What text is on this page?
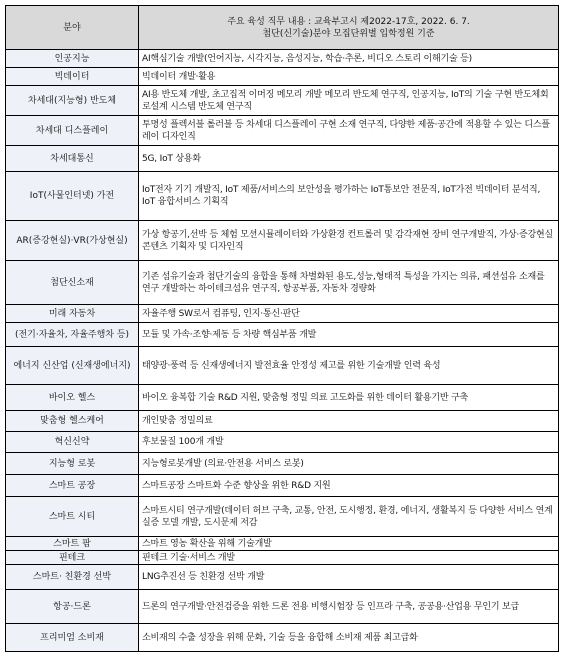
분야	주요 육성 직무 내용 : 교육부고시 제2022-17호, 2022. 6. 7.
첨단(신기술)분야 모집단위별 입학정원 기준

인공지능	AI핵심기술 개발(언어지능, 시각지능, 음성지능, 학습·추론, 비디오 스토리 이해기술 등)
빅데이터	빅데이터 개발·활용
차세대(지능형) 반도체	AI용 반도체 개발, 초고집적 이머징 메모리 개발 메모리 반도체 연구직, 인공지능, IoT의 기술 구현 반도체회로설계 시스템 반도체 연구직
차세대 디스플레이	투명성 플렉서블 롤러블 등 차세대 디스플레이 구현 소재 연구직, 다양한 제품·공간에 적용할 수 있는 디스플레이 디자인직
차세대통신	5G, IoT 상용화
IoT(사물인터넷) 가전	IoT전자 기기 개발직, IoT 제품/서비스의 보안성을 평가하는 IoT통보안 전문직, IoT가전 빅데이터 분석직, IoT 융합서비스 기획직
AR(증강현실)·VR(가상현실)	가상 항공기,선박 등 체험 모션시뮬레이터와 가상환경 컨트롤러 및 감각재현 장비 연구개발직, 가상·증강현실 콘텐츠 기획자 및 디자인직
첨단신소재	기존 섬유기술과 첨단기술의 융합을 통해 차별화된 용도,성능,형태적 특성을 가지는 의류, 패션섬유 소재를 연구 개발하는 하이테크섬유 연구직, 항공부품, 자동차 경량화
미래 자동차	자율주행 SW로서 컴퓨팅, 인지·통신·판단
(전기·자율차, 자율주행차 등)	모듈 및 가속·조향·제동 등 차량 핵심부품 개발
에너지 신산업 (신재생에너지)	태양광·풍력 등 신재생에너지 발전효율 안정성 제고를 위한 기술개발 인력 육성
바이오 헬스	바이오 융복합 기술 R&D 지원, 맞춤형 정밀 의료 고도화를 위한 데이터 활용기반 구축
맞춤형 헬스케어	개인맞춤 정밀의료
혁신신약	후보물질 100개 개발
지능형 로봇	지능형로봇개발 (의료·안전용 서비스 로봇)
스마트 공장	스마트공장 스마트화 수준 향상을 위한 R&D 지원
스마트 시티	스마트시티 연구개발(데이터 허브 구축, 교통, 안전, 도시행정, 환경, 에너지, 생활복지 등 다양한 서비스 연계 실증 모델 개발, 도시문제 저감
스마트 팜	스마트 영농 확산을 위해 기술개발
핀테크	핀테크 기술·서비스 개발
스마트· 친환경 선박	LNG추진선 등 친환경 선박 개발
항공·드론	드론의 연구개발·안전검증을 위한 드론 전용 비행시험장 등 인프라 구축, 공공용·산업용 무인기 보급
프리미엄 소비재	소비재의 수출 성장을 위해 문화, 기술 등을 융합해 소비재 제품 최고급화
